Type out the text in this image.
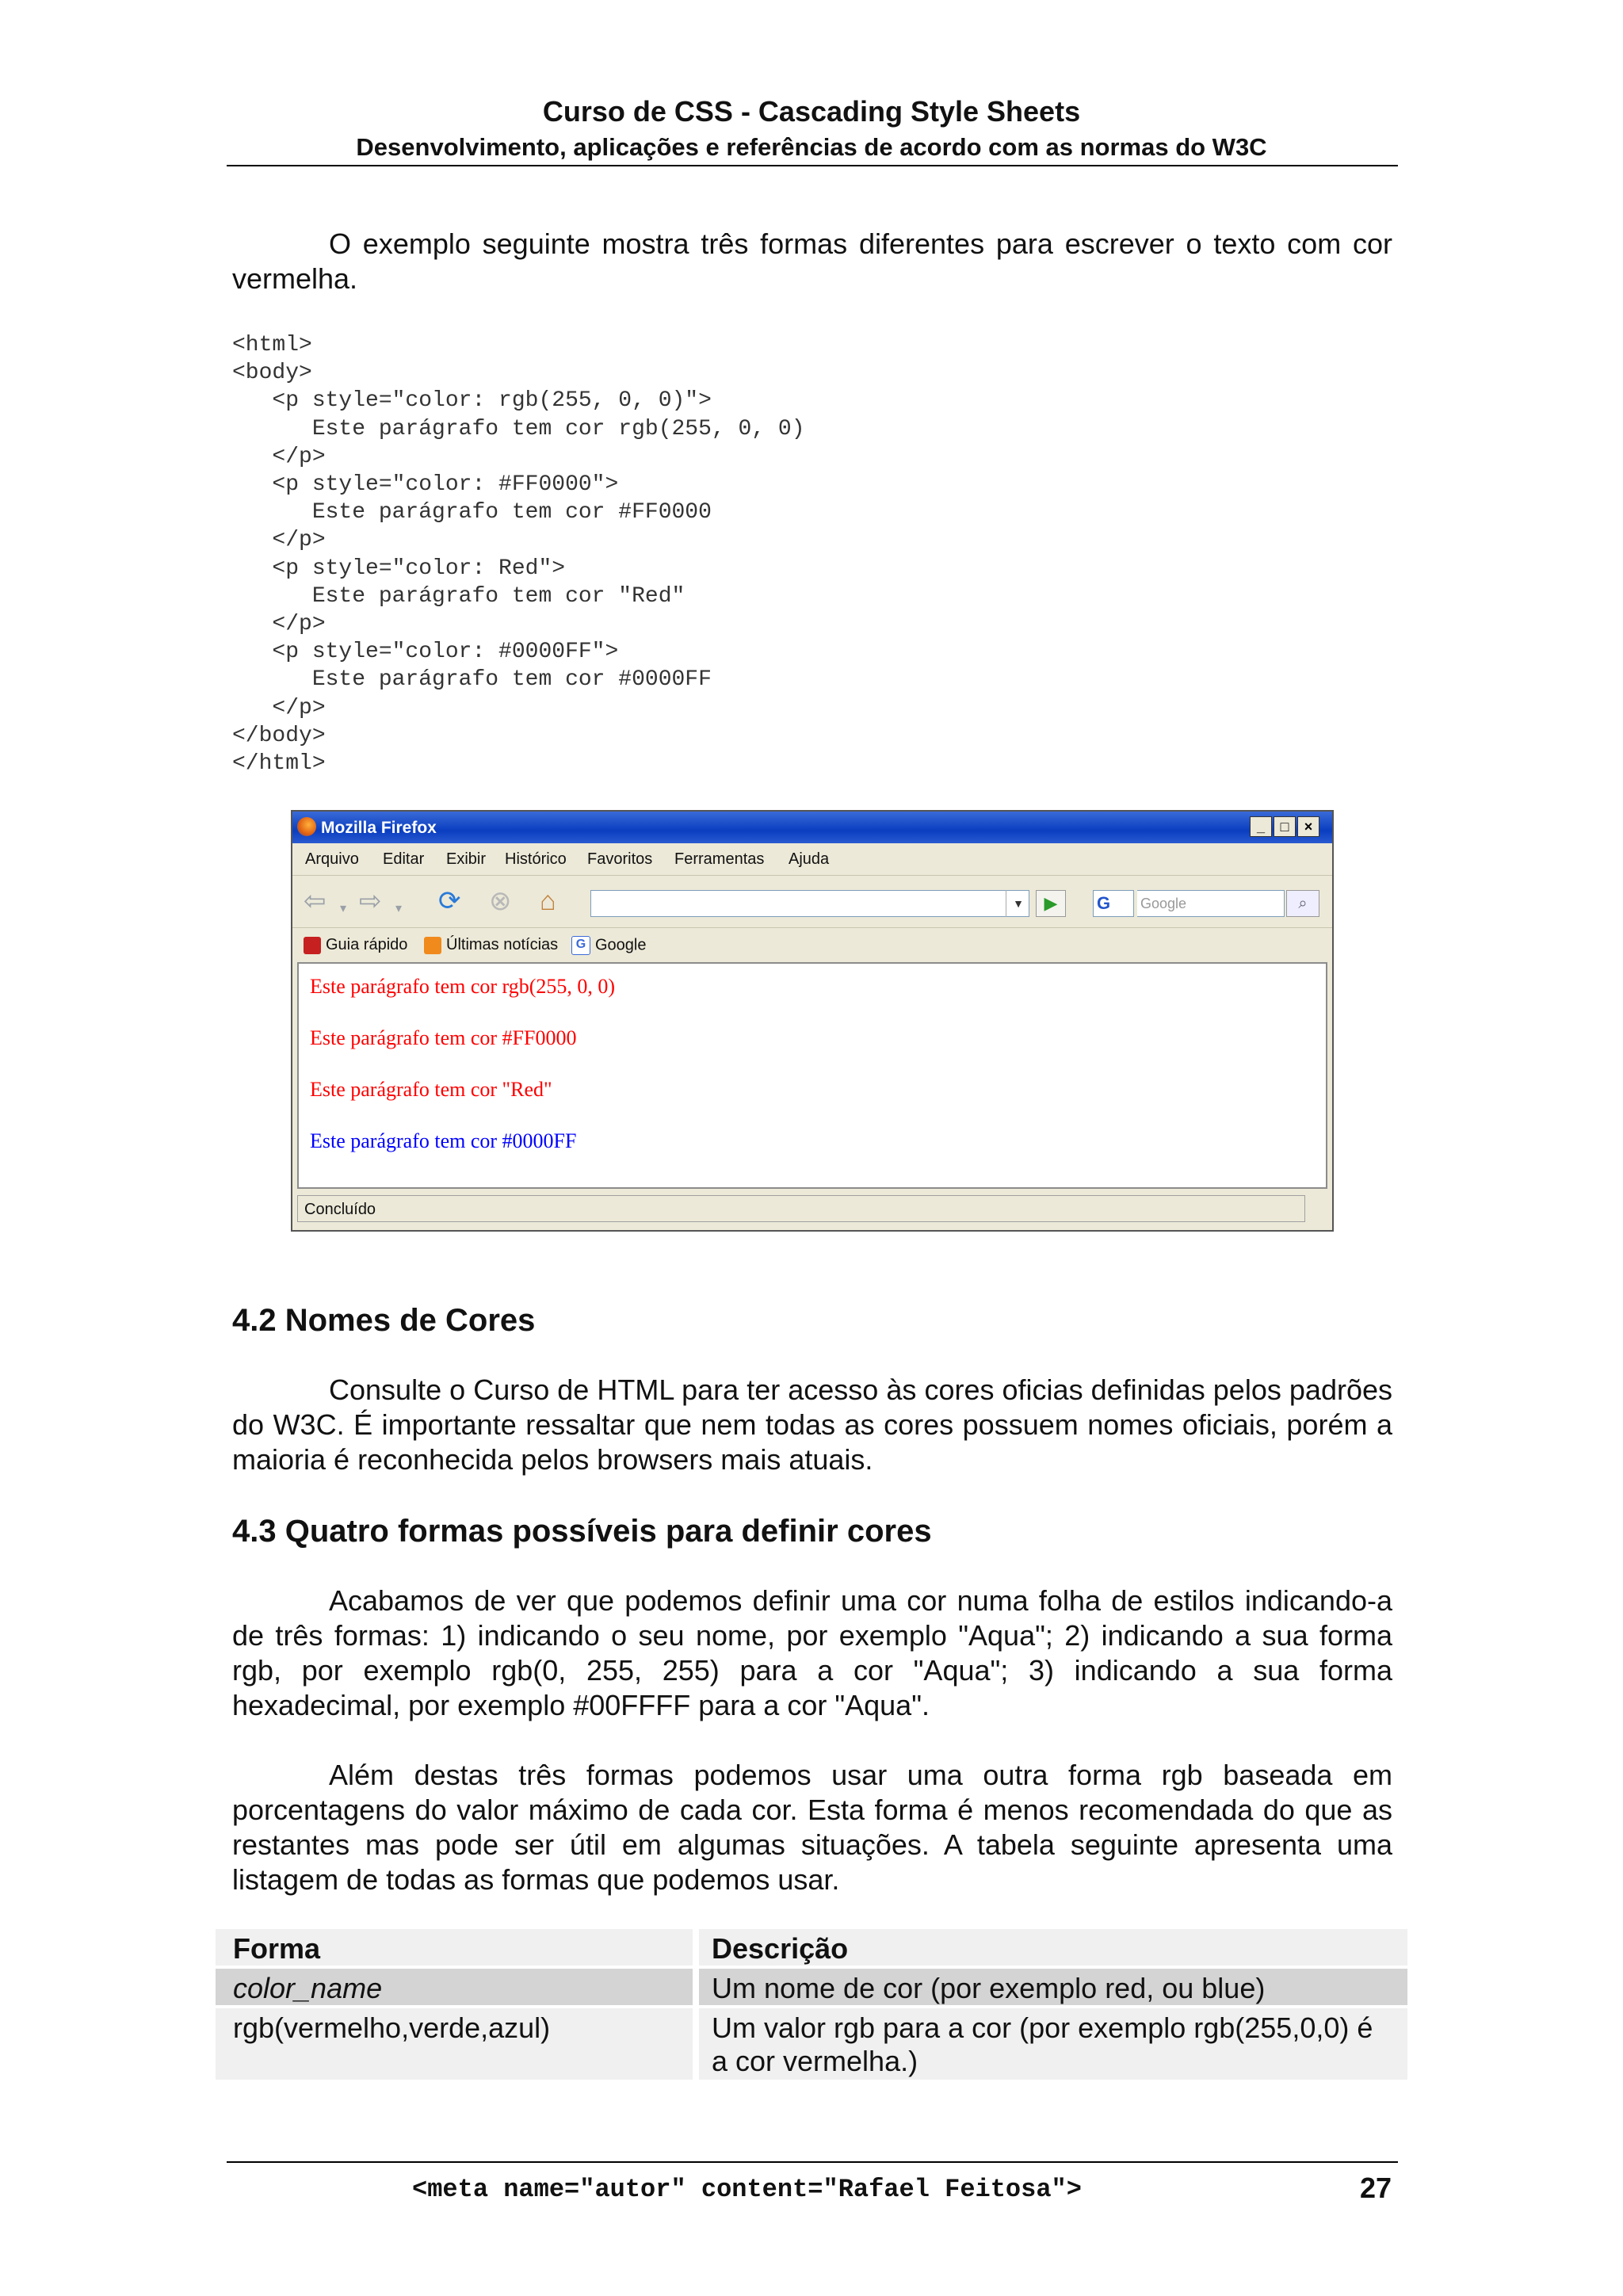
Curso de CSS - Cascading Style Sheets
Desenvolvimento, aplicações e referências de acordo com as normas do W3C

O exemplo seguinte mostra três formas diferentes para escrever o texto com cor vermelha.

<html>
<body>
<p style="color: rgb(255, 0, 0)">
Este parágrafo tem cor rgb(255, 0, 0)
</p>
<p style="color: #FF0000">
Este parágrafo tem cor #FF0000
</p>
<p style="color: Red">
Este parágrafo tem cor "Red"
</p>
<p style="color: #0000FF">
Este parágrafo tem cor #0000FF
</p>
</body>
</html>
Mozilla Firefox	_	□	×
Arquivo Editar Exibir Histórico Favoritos Ferramentas Ajuda
⇦ ▾ ⇨ ▾ ⟳ ⊗ ⌂	▼	▶	G	Google	⌕
Guia rápido	Últimas notícias	G Google
Este parágrafo tem cor rgb(255, 0, 0)
Este parágrafo tem cor #FF0000
Este parágrafo tem cor "Red"
Este parágrafo tem cor #0000FF
Concluído
4.2 Nomes de Cores

Consulte o Curso de HTML para ter acesso às cores oficias definidas pelos padrões do W3C. É importante ressaltar que nem todas as cores possuem nomes oficiais, porém a maioria é reconhecida pelos browsers mais atuais.

4.3 Quatro formas possíveis para definir cores

Acabamos de ver que podemos definir uma cor numa folha de estilos indicando-a de três formas: 1) indicando o seu nome, por exemplo "Aqua"; 2) indicando a sua forma rgb, por exemplo rgb(0, 255, 255) para a cor "Aqua"; 3) indicando a sua forma hexadecimal, por exemplo #00FFFF para a cor "Aqua".

Além destas três formas podemos usar uma outra forma rgb baseada em porcentagens do valor máximo de cada cor. Esta forma é menos recomendada do que as restantes mas pode ser útil em algumas situações. A tabela seguinte apresenta uma listagem de todas as formas que podemos usar.

Forma	Descrição
color_name	Um nome de cor (por exemplo red, ou blue)
rgb(vermelho,verde,azul)	Um valor rgb para a cor (por exemplo rgb(255,0,0) é a cor vermelha.)
<meta name="autor" content="Rafael Feitosa">	27
